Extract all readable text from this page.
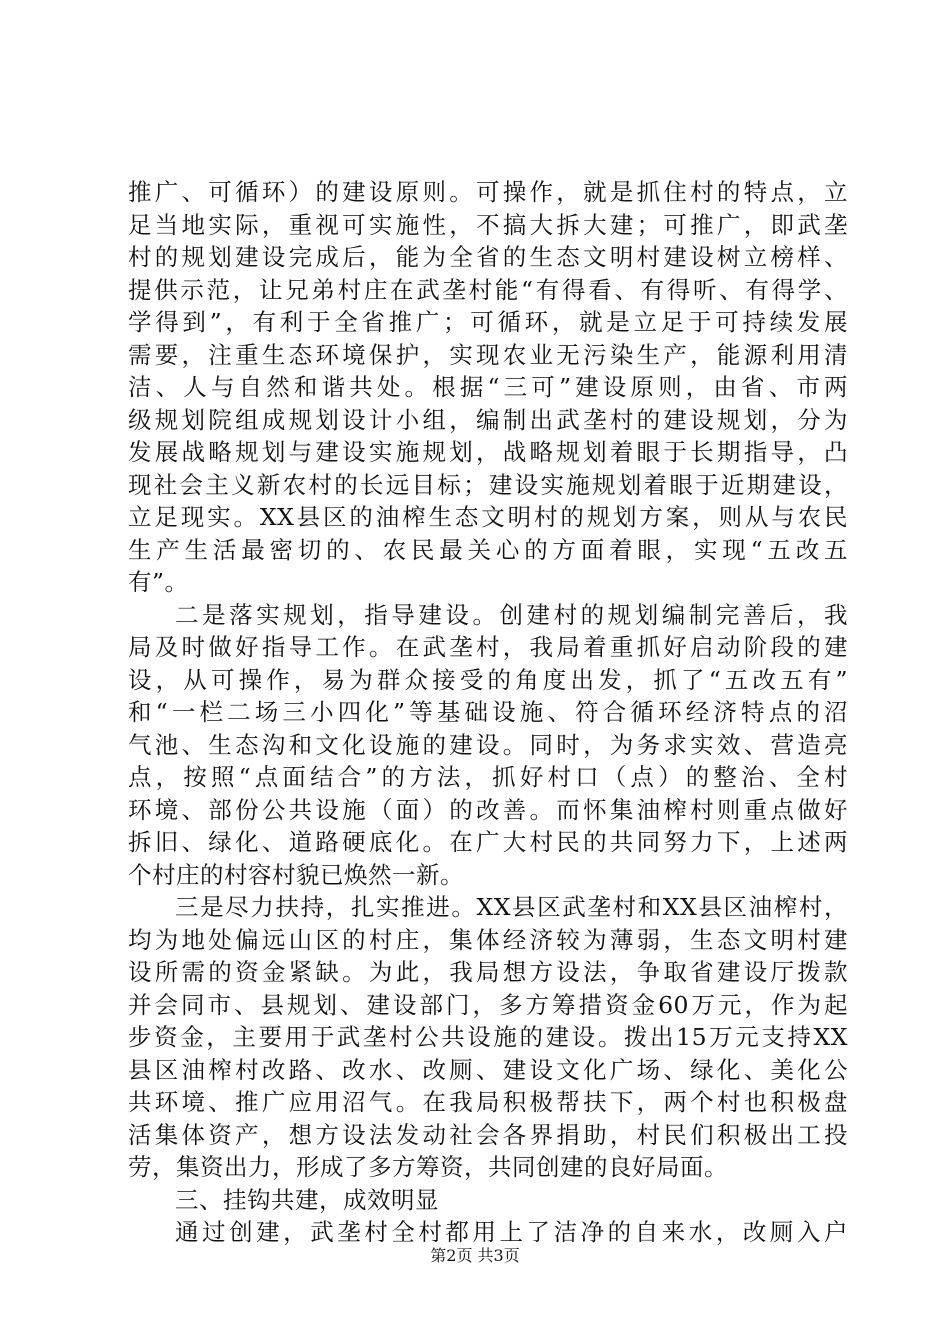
推广、可循环）的建设原则。可操作，就是抓住村的特点，立
足当地实际，重视可实施性，不搞大拆大建；可推广，即武垄
村的规划建设完成后，能为全省的生态文明村建设树立榜样、
提供示范，让兄弟村庄在武垄村能“有得看、有得听、有得学、
学得到”，有利于全省推广；可循环，就是立足于可持续发展
需要，注重生态环境保护，实现农业无污染生产，能源利用清
洁、人与自然和谐共处。根据“三可”建设原则，由省、市两
级规划院组成规划设计小组，编制出武垄村的建设规划，分为
发展战略规划与建设实施规划，战略规划着眼于长期指导，凸
现社会主义新农村的长远目标；建设实施规划着眼于近期建设，
立足现实。XX县区的油榨生态文明村的规划方案，则从与农民
生产生活最密切的、农民最关心的方面着眼，实现“五改五
有”。
二是落实规划，指导建设。创建村的规划编制完善后，我
局及时做好指导工作。在武垄村，我局着重抓好启动阶段的建
设，从可操作，易为群众接受的角度出发，抓了“五改五有”
和“一栏二场三小四化”等基础设施、符合循环经济特点的沼
气池、生态沟和文化设施的建设。同时，为务求实效、营造亮
点，按照“点面结合”的方法，抓好村口（点）的整治、全村
环境、部份公共设施（面）的改善。而怀集油榨村则重点做好
拆旧、绿化、道路硬底化。在广大村民的共同努力下，上述两
个村庄的村容村貌已焕然一新。
三是尽力扶持，扎实推进。XX县区武垄村和XX县区油榨村，
均为地处偏远山区的村庄，集体经济较为薄弱，生态文明村建
设所需的资金紧缺。为此，我局想方设法，争取省建设厅拨款
并会同市、县规划、建设部门，多方筹措资金60万元，作为起
步资金，主要用于武垄村公共设施的建设。拨出15万元支持XX
县区油榨村改路、改水、改厕、建设文化广场、绿化、美化公
共环境、推广应用沼气。在我局积极帮扶下，两个村也积极盘
活集体资产，想方设法发动社会各界捐助，村民们积极出工投
劳，集资出力，形成了多方筹资，共同创建的良好局面。
三、挂钩共建，成效明显
通过创建，武垄村全村都用上了洁净的自来水，改厕入户
第2页 共3页
